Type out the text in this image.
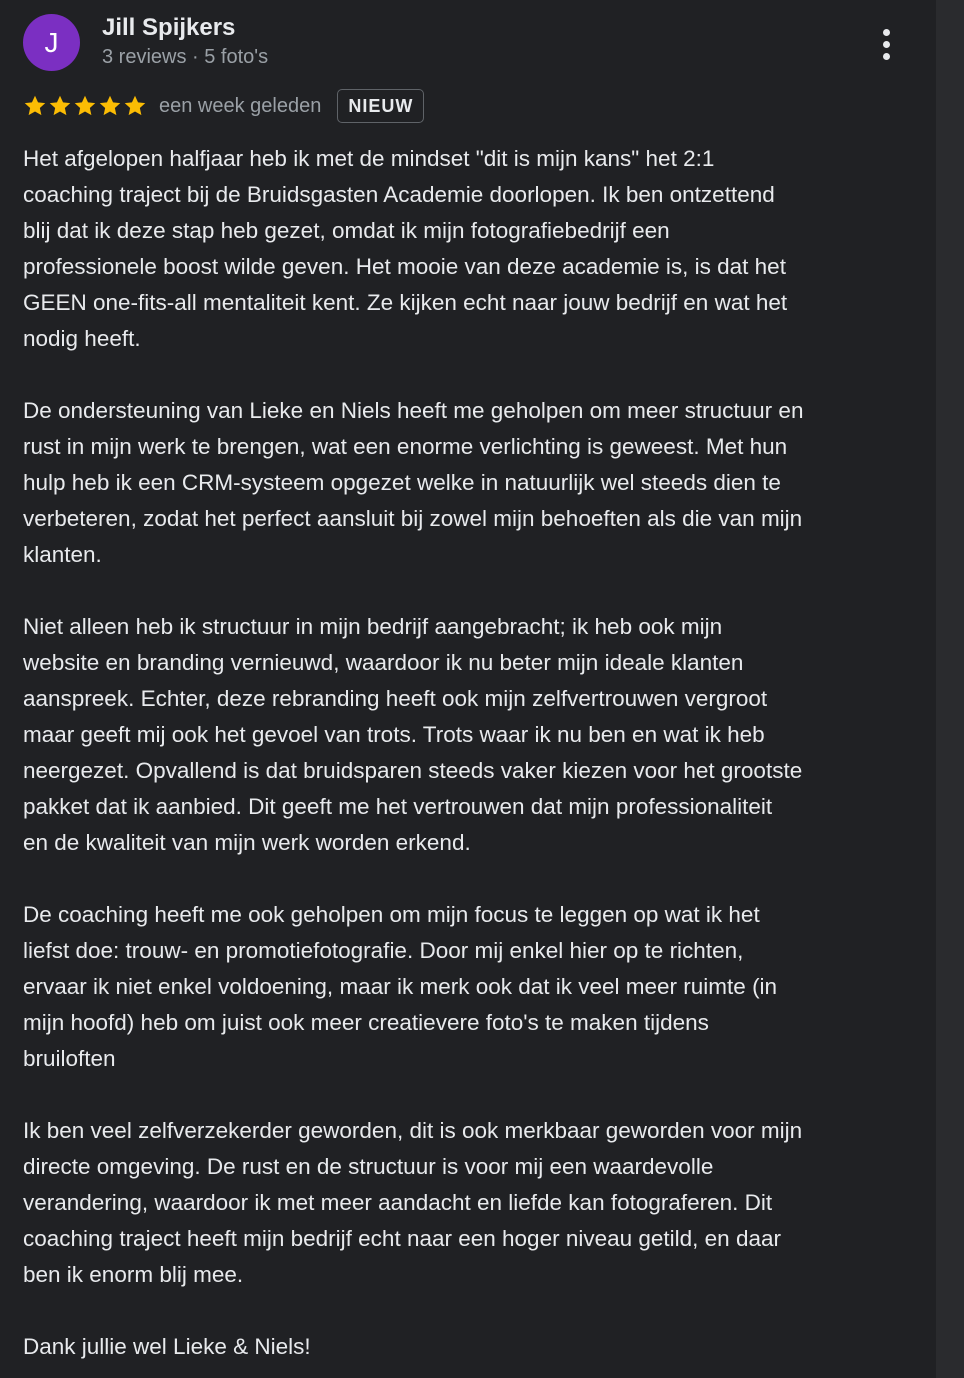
J	Jill Spijkers
3 reviews · 5 foto's
een week geleden	NIEUW

Het afgelopen halfjaar heb ik met de mindset "dit is mijn kans" het 2:1
coaching traject bij de Bruidsgasten Academie doorlopen. Ik ben ontzettend
blij dat ik deze stap heb gezet, omdat ik mijn fotografiebedrijf een
professionele boost wilde geven. Het mooie van deze academie is, is dat het
GEEN one-fits-all mentaliteit kent. Ze kijken echt naar jouw bedrijf en wat het
nodig heeft.

De ondersteuning van Lieke en Niels heeft me geholpen om meer structuur en
rust in mijn werk te brengen, wat een enorme verlichting is geweest. Met hun
hulp heb ik een CRM-systeem opgezet welke in natuurlijk wel steeds dien te
verbeteren, zodat het perfect aansluit bij zowel mijn behoeften als die van mijn
klanten.

Niet alleen heb ik structuur in mijn bedrijf aangebracht; ik heb ook mijn
website en branding vernieuwd, waardoor ik nu beter mijn ideale klanten
aanspreek. Echter, deze rebranding heeft ook mijn zelfvertrouwen vergroot
maar geeft mij ook het gevoel van trots. Trots waar ik nu ben en wat ik heb
neergezet. Opvallend is dat bruidsparen steeds vaker kiezen voor het grootste
pakket dat ik aanbied. Dit geeft me het vertrouwen dat mijn professionaliteit
en de kwaliteit van mijn werk worden erkend.

De coaching heeft me ook geholpen om mijn focus te leggen op wat ik het
liefst doe: trouw- en promotiefotografie. Door mij enkel hier op te richten,
ervaar ik niet enkel voldoening, maar ik merk ook dat ik veel meer ruimte (in
mijn hoofd) heb om juist ook meer creatievere foto's te maken tijdens
bruiloften

Ik ben veel zelfverzekerder geworden, dit is ook merkbaar geworden voor mijn
directe omgeving. De rust en de structuur is voor mij een waardevolle
verandering, waardoor ik met meer aandacht en liefde kan fotograferen. Dit
coaching traject heeft mijn bedrijf echt naar een hoger niveau getild, en daar
ben ik enorm blij mee.

Dank jullie wel Lieke & Niels!
